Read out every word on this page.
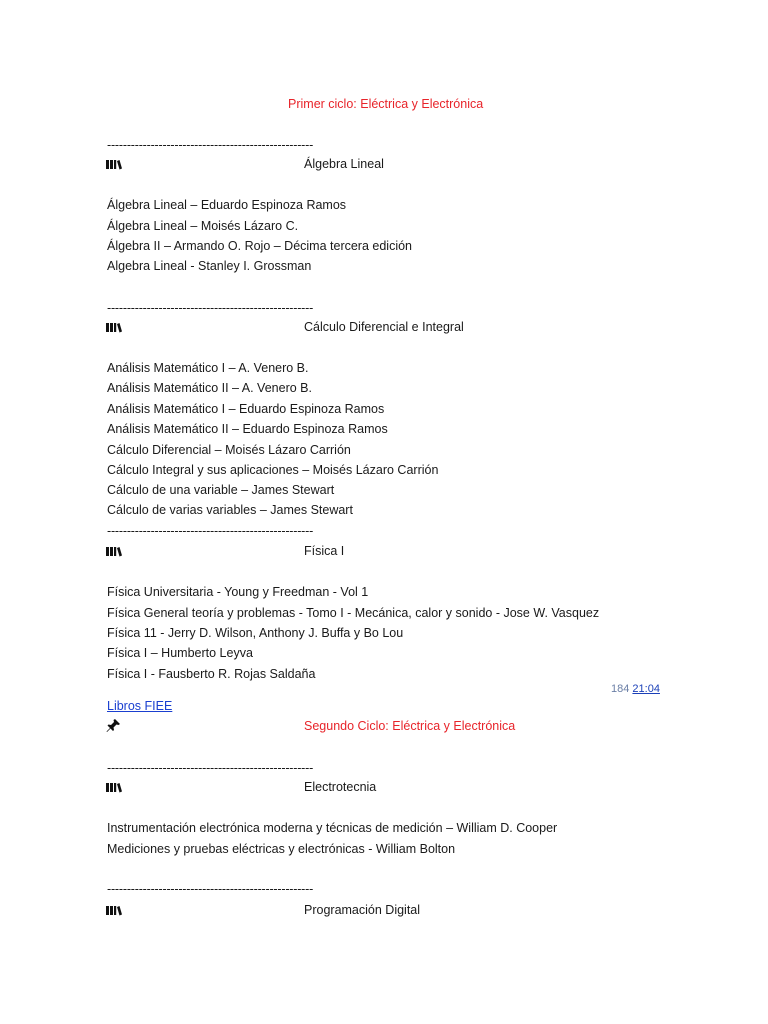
Primer ciclo: Eléctrica y Electrónica
----------------------------------------------------
Álgebra Lineal
Álgebra Lineal – Eduardo Espinoza Ramos
Álgebra Lineal – Moisés Lázaro C.
Álgebra II – Armando O. Rojo – Décima tercera edición
Algebra Lineal - Stanley I. Grossman
----------------------------------------------------
Cálculo Diferencial e Integral
Análisis Matemático I – A. Venero B.
Análisis Matemático II – A. Venero B.
Análisis Matemático I – Eduardo Espinoza Ramos
Análisis Matemático II – Eduardo Espinoza Ramos
Cálculo Diferencial – Moisés Lázaro Carrión
Cálculo Integral y sus aplicaciones – Moisés Lázaro Carrión
Cálculo de una variable – James Stewart
Cálculo de varias variables – James Stewart
----------------------------------------------------
Física I
Física Universitaria - Young y Freedman - Vol 1
Física General teoría y problemas - Tomo I - Mecánica, calor y sonido - Jose W. Vasquez
Física 11 - Jerry D. Wilson, Anthony J. Buffa y Bo Lou
Física I – Humberto Leyva
Física I - Fausberto R. Rojas Saldaña
184 21:04
Libros FIEE
Segundo Ciclo: Eléctrica y Electrónica
----------------------------------------------------
Electrotecnia
Instrumentación electrónica moderna y técnicas de medición – William D. Cooper
Mediciones y pruebas eléctricas y electrónicas - William Bolton
----------------------------------------------------
Programación Digital
